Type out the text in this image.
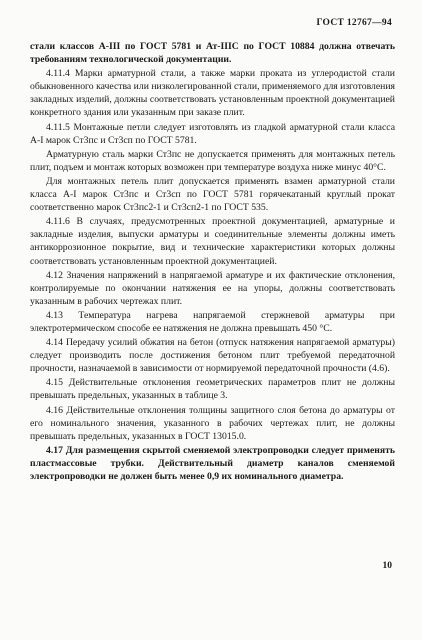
ГОСТ 12767—94

стали классов А-III по ГОСТ 5781 и Ат-IIIС по ГОСТ 10884 должна отвечать требованиям технологической документации.

4.11.4 Марки арматурной стали, а также марки проката из углеродистой стали обыкновенного качества или низколегированной стали, применяемого для изготовления закладных изделий, должны соответствовать установленным проектной документацией конкретного здания или указанным при заказе плит.

4.11.5 Монтажные петли следует изготовлять из гладкой арматурной стали класса А-I марок Ст3пс и Ст3сп по ГОСТ 5781.

Арматурную сталь марки Ст3пс не допускается применять для монтажных петель плит, подъем и монтаж которых возможен при температуре воздуха ниже минус 40°С.

Для монтажных петель плит допускается применять взамен арматурной стали класса А-I марок Ст3пс и Ст3сп по ГОСТ 5781 горячекатаный круглый прокат соответственно марок Ст3пс2-1 и Ст3сп2-1 по ГОСТ 535.

4.11.6 В случаях, предусмотренных проектной документацией, арматурные и закладные изделия, выпуски арматуры и соединительные элементы должны иметь антикоррозионное покрытие, вид и технические характеристики которых должны соответствовать установленным проектной документацией.

4.12 Значения напряжений в напрягаемой арматуре и их фактические отклонения, контролируемые по окончании натяжения ее на упоры, должны соответствовать указанным в рабочих чертежах плит.

4.13 Температура нагрева напрягаемой стержневой арматуры при электротермическом способе ее натяжения не должна превышать 450 °С.

4.14 Передачу усилий обжатия на бетон (отпуск натяжения напрягаемой арматуры) следует производить после достижения бетоном плит требуемой передаточной прочности, назначаемой в зависимости от нормируемой передаточной прочности (4.6).

4.15 Действительные отклонения геометрических параметров плит не должны превышать предельных, указанных в таблице 3.

4.16 Действительные отклонения толщины защитного слоя бетона до арматуры от его номинального значения, указанного в рабочих чертежах плит, не должны превышать предельных, указанных в ГОСТ 13015.0.

4.17 Для размещения скрытой сменяемой электропроводки следует применять пластмассовые трубки. Действительный диаметр каналов сменяемой электропроводки не должен быть менее 0,9 их номинального диаметра.

10
